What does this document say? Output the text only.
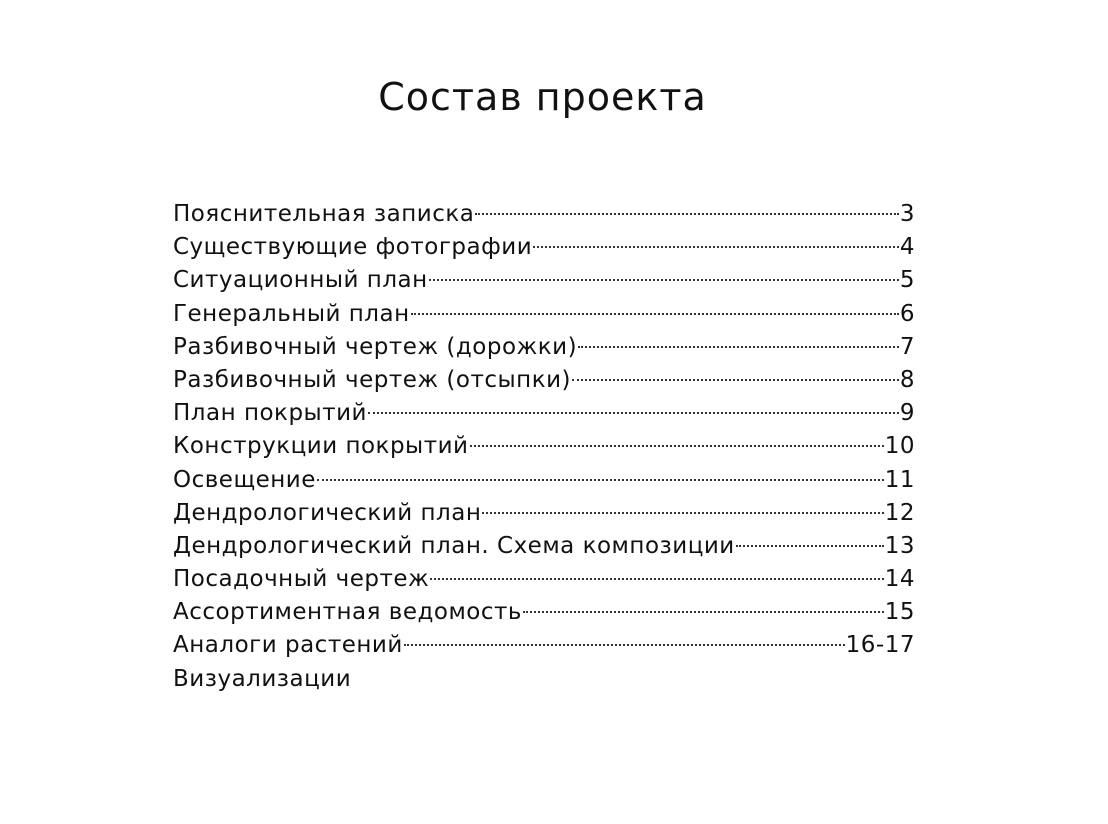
Состав проекта
Пояснительная записка	3
Существующие фотографии	4
Ситуационный план	5
Генеральный план	6
Разбивочный чертеж (дорожки)	7
Разбивочный чертеж (отсыпки)	8
План покрытий	9
Конструкции покрытий	10
Освещение	11
Дендрологический план	12
Дендрологический план. Схема композиции	13
Посадочный чертеж	14
Ассортиментная ведомость	15
Аналоги растений	16-17
Визуализации
